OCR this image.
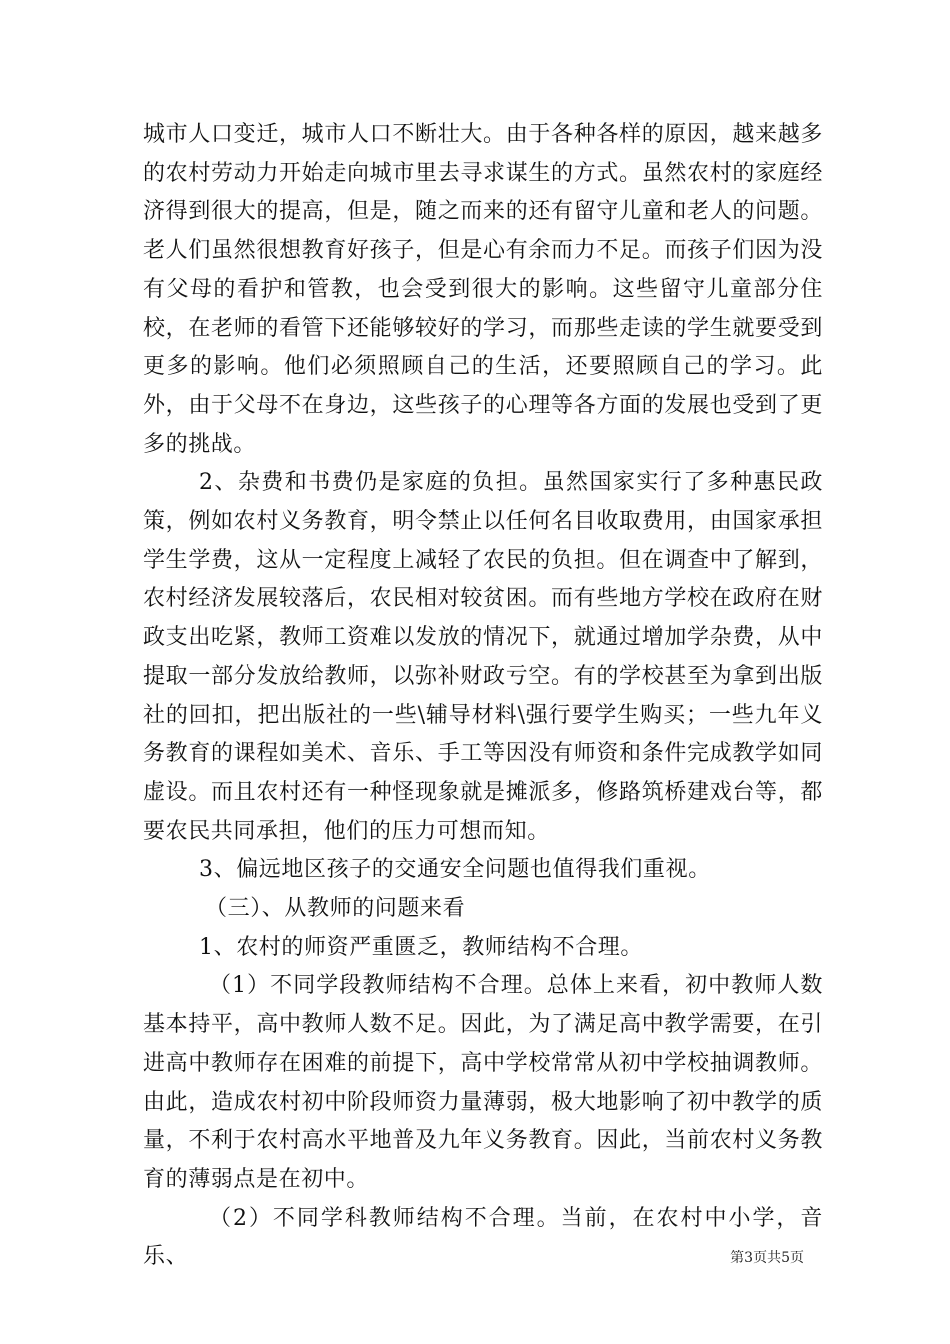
城市人口变迁，城市人口不断壮大。由于各种各样的原因，越来越多的农村劳动力开始走向城市里去寻求谋生的方式。虽然农村的家庭经济得到很大的提高，但是，随之而来的还有留守儿童和老人的问题。老人们虽然很想教育好孩子，但是心有余而力不足。而孩子们因为没有父母的看护和管教，也会受到很大的影响。这些留守儿童部分住校，在老师的看管下还能够较好的学习，而那些走读的学生就要受到更多的影响。他们必须照顾自己的生活，还要照顾自己的学习。此外，由于父母不在身边，这些孩子的心理等各方面的发展也受到了更多的挑战。

2、杂费和书费仍是家庭的负担。虽然国家实行了多种惠民政策，例如农村义务教育，明令禁止以任何名目收取费用，由国家承担学生学费，这从一定程度上减轻了农民的负担。但在调查中了解到，农村经济发展较落后，农民相对较贫困。而有些地方学校在政府在财政支出吃紧，教师工资难以发放的情况下，就通过增加学杂费，从中提取一部分发放给教师，以弥补财政亏空。有的学校甚至为拿到出版社的回扣，把出版社的一些\辅导材料\强行要学生购买；一些九年义务教育的课程如美术、音乐、手工等因没有师资和条件完成教学如同虚设。而且农村还有一种怪现象就是摊派多，修路筑桥建戏台等，都要农民共同承担，他们的压力可想而知。

3、偏远地区孩子的交通安全问题也值得我们重视。

（三）、从教师的问题来看

1、农村的师资严重匮乏，教师结构不合理。

（1）不同学段教师结构不合理。总体上来看，初中教师人数基本持平，高中教师人数不足。因此，为了满足高中教学需要，在引进高中教师存在困难的前提下，高中学校常常从初中学校抽调教师。由此，造成农村初中阶段师资力量薄弱，极大地影响了初中教学的质量，不利于农村高水平地普及九年义务教育。因此，当前农村义务教育的薄弱点是在初中。

（2）不同学科教师结构不合理。当前，在农村中小学，音乐、	第3页共5页
